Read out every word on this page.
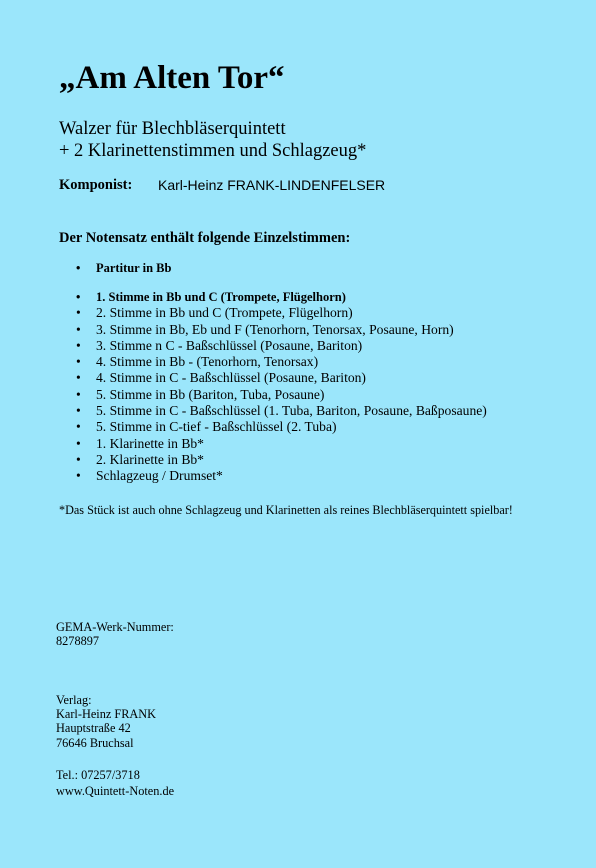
„Am Alten Tor“
Walzer für Blechbläserquintett
+ 2 Klarinettenstimmen und Schlagzeug*
Komponist: Karl-Heinz FRANK-LINDENFELSER
Der Notensatz enthält folgende Einzelstimmen:
• Partitur in Bb
• 1. Stimme in Bb und C (Trompete, Flügelhorn)
• 2. Stimme in Bb und C (Trompete, Flügelhorn)
• 3. Stimme in Bb, Eb und F (Tenorhorn, Tenorsax, Posaune, Horn)
• 3. Stimme n C - Baßschlüssel (Posaune, Bariton)
• 4. Stimme in Bb - (Tenorhorn, Tenorsax)
• 4. Stimme in C - Baßschlüssel (Posaune, Bariton)
• 5. Stimme in Bb (Bariton, Tuba, Posaune)
• 5. Stimme in C - Baßschlüssel (1. Tuba, Bariton, Posaune, Baßposaune)
• 5. Stimme in C-tief - Baßschlüssel (2. Tuba)
• 1. Klarinette in Bb*
• 2. Klarinette in Bb*
• Schlagzeug / Drumset*
*Das Stück ist auch ohne Schlagzeug und Klarinetten als reines Blechbläserquintett spielbar!
GEMA-Werk-Nummer:
8278897
Verlag:
Karl-Heinz FRANK
Hauptstraße 42
76646 Bruchsal
Tel.: 07257/3718
www.Quintett-Noten.de
